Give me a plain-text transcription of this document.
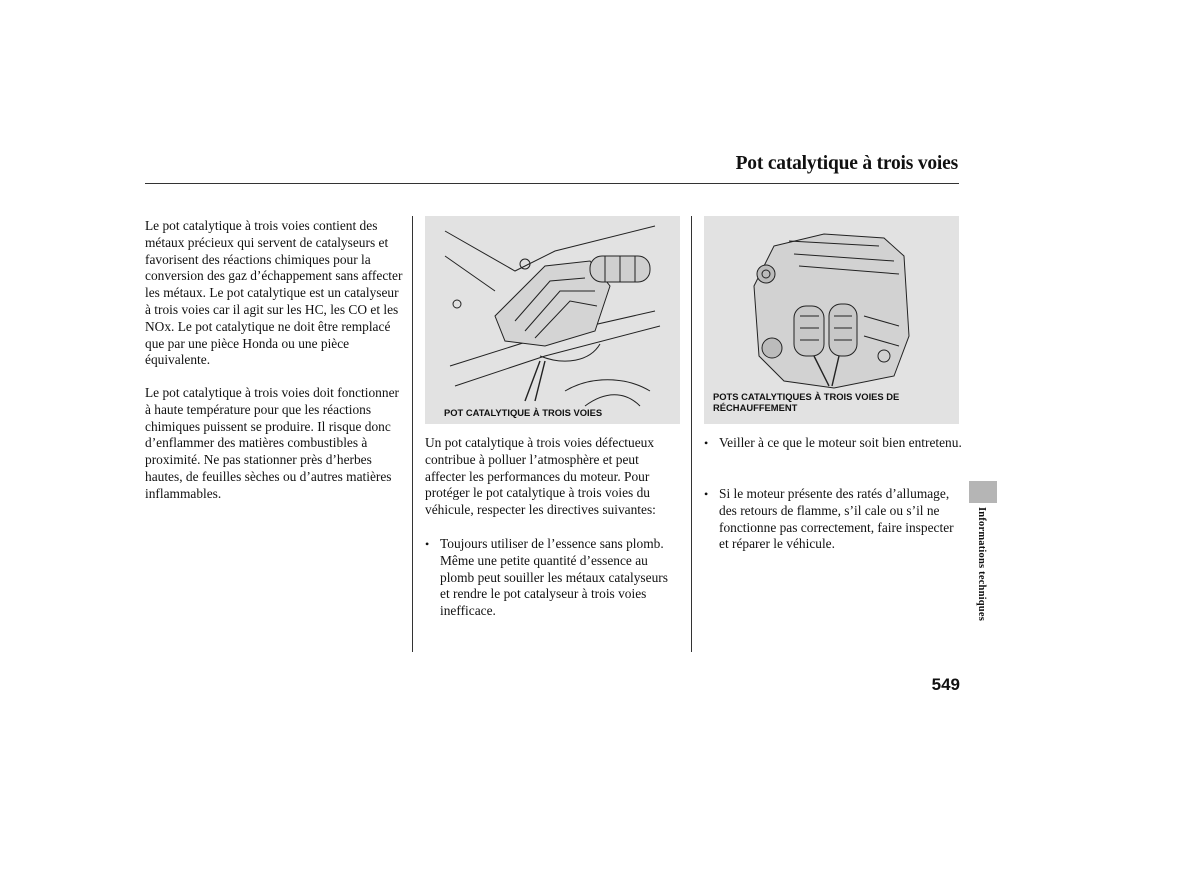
Pot catalytique à trois voies

Le pot catalytique à trois voies contient des métaux précieux qui servent de catalyseurs et favorisent des réactions chimiques pour la conversion des gaz d’échappement sans affecter les métaux. Le pot catalytique est un catalyseur à trois voies car il agit sur les HC, les CO et les NOx. Le pot catalytique ne doit être remplacé que par une pièce Honda ou une pièce équivalente.

Le pot catalytique à trois voies doit fonctionner à haute température pour que les réactions chimiques puissent se produire. Il risque donc d’enflammer des matières combustibles à proximité. Ne pas stationner près d’herbes hautes, de feuilles sèches ou d’autres matières inflammables.

POT CATALYTIQUE À TROIS VOIES
POTS CATALYTIQUES À TROIS VOIES DE RÉCHAUFFEMENT

Un pot catalytique à trois voies défectueux contribue à polluer l’atmosphère et peut affecter les performances du moteur. Pour protéger le pot catalytique à trois voies du véhicule, respecter les directives suivantes:

• Toujours utiliser de l’essence sans plomb. Même une petite quantité d’essence au plomb peut souiller les métaux catalyseurs et rendre le pot catalyseur à trois voies inefficace.
• Veiller à ce que le moteur soit bien entretenu.
• Si le moteur présente des ratés d’allumage, des retours de flamme, s’il cale ou s’il ne fonctionne pas correctement, faire inspecter et réparer le véhicule.	Informations techniques
549
